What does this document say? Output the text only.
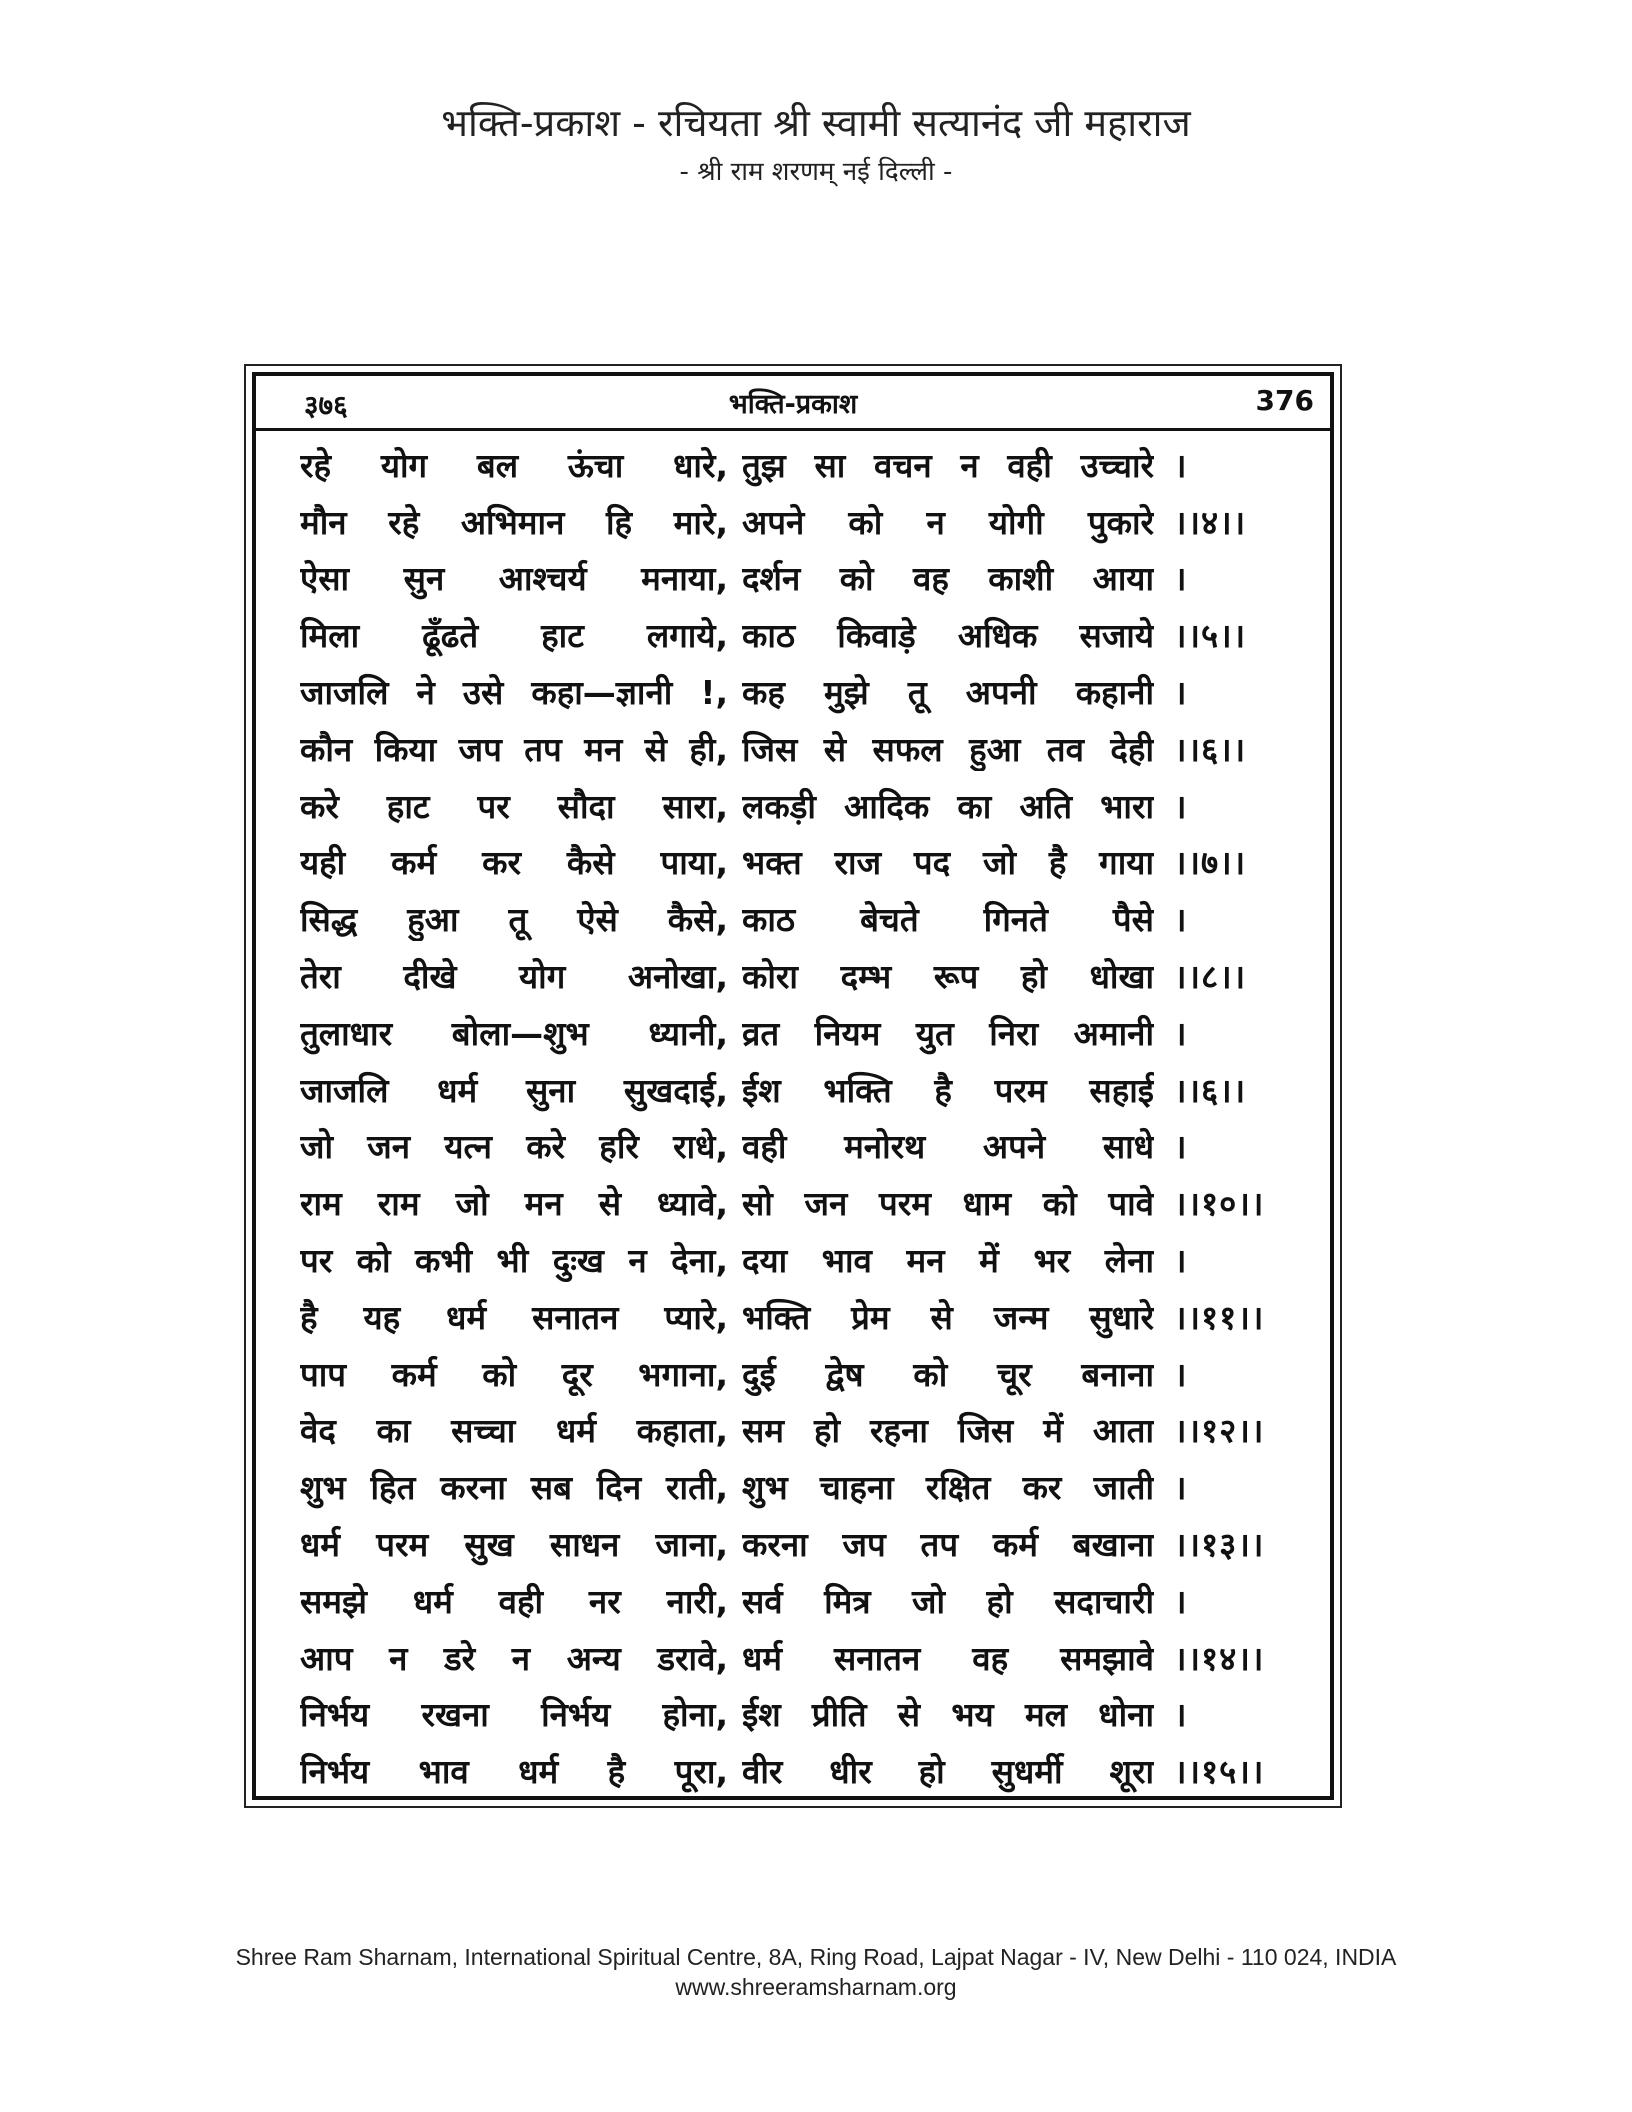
भक्ति-प्रकाश - रचियता श्री स्वामी सत्यानंद जी महाराज
- श्री राम शरणम् नई दिल्ली -
३७६	भक्ति-प्रकाश	376
रहे योग बल ऊंचा धारे, तुझ सा वचन न वही उच्चारे ।
मौन रहे अभिमान हि मारे, अपने को न योगी पुकारे ।।४।।
ऐसा सुन आश्चर्य मनाया, दर्शन को वह काशी आया ।
मिला ढूँढते हाट लगाये, काठ किवाड़े अधिक सजाये ।।५।।
जाजलि ने उसे कहा—ज्ञानी !, कह मुझे तू अपनी कहानी ।
कौन किया जप तप मन से ही, जिस से सफल हुआ तव देही ।।६।।
करे हाट पर सौदा सारा, लकड़ी आदिक का अति भारा ।
यही कर्म कर कैसे पाया, भक्त राज पद जो है गाया ।।७।।
सिद्ध हुआ तू ऐसे कैसे, काठ बेचते गिनते पैसे ।
तेरा दीखे योग अनोखा, कोरा दम्भ रूप हो धोखा ।।८।।
तुलाधार बोला—शुभ ध्यानी, व्रत नियम युत निरा अमानी ।
जाजलि धर्म सुना सुखदाई, ईश भक्ति है परम सहाई ।।६।।
जो जन यत्न करे हरि राधे, वही मनोरथ अपने साधे ।
राम राम जो मन से ध्यावे, सो जन परम धाम को पावे ।।१०।।
पर को कभी भी दुःख न देना, दया भाव मन में भर लेना ।
है यह धर्म सनातन प्यारे, भक्ति प्रेम से जन्म सुधारे ।।११।।
पाप कर्म को दूर भगाना, दुई द्वेष को चूर बनाना ।
वेद का सच्चा धर्म कहाता, सम हो रहना जिस में आता ।।१२।।
शुभ हित करना सब दिन राती, शुभ चाहना रक्षित कर जाती ।
धर्म परम सुख साधन जाना, करना जप तप कर्म बखाना ।।१३।।
समझे धर्म वही नर नारी, सर्व मित्र जो हो सदाचारी ।
आप न डरे न अन्य डरावे, धर्म सनातन वह समझावे ।।१४।।
निर्भय रखना निर्भय होना, ईश प्रीति से भय मल धोना ।
निर्भय भाव धर्म है पूरा, वीर धीर हो सुधर्मी शूरा ।।१५।।
Shree Ram Sharnam, International Spiritual Centre, 8A, Ring Road, Lajpat Nagar - IV, New Delhi - 110 024, INDIA
www.shreeramsharnam.org
